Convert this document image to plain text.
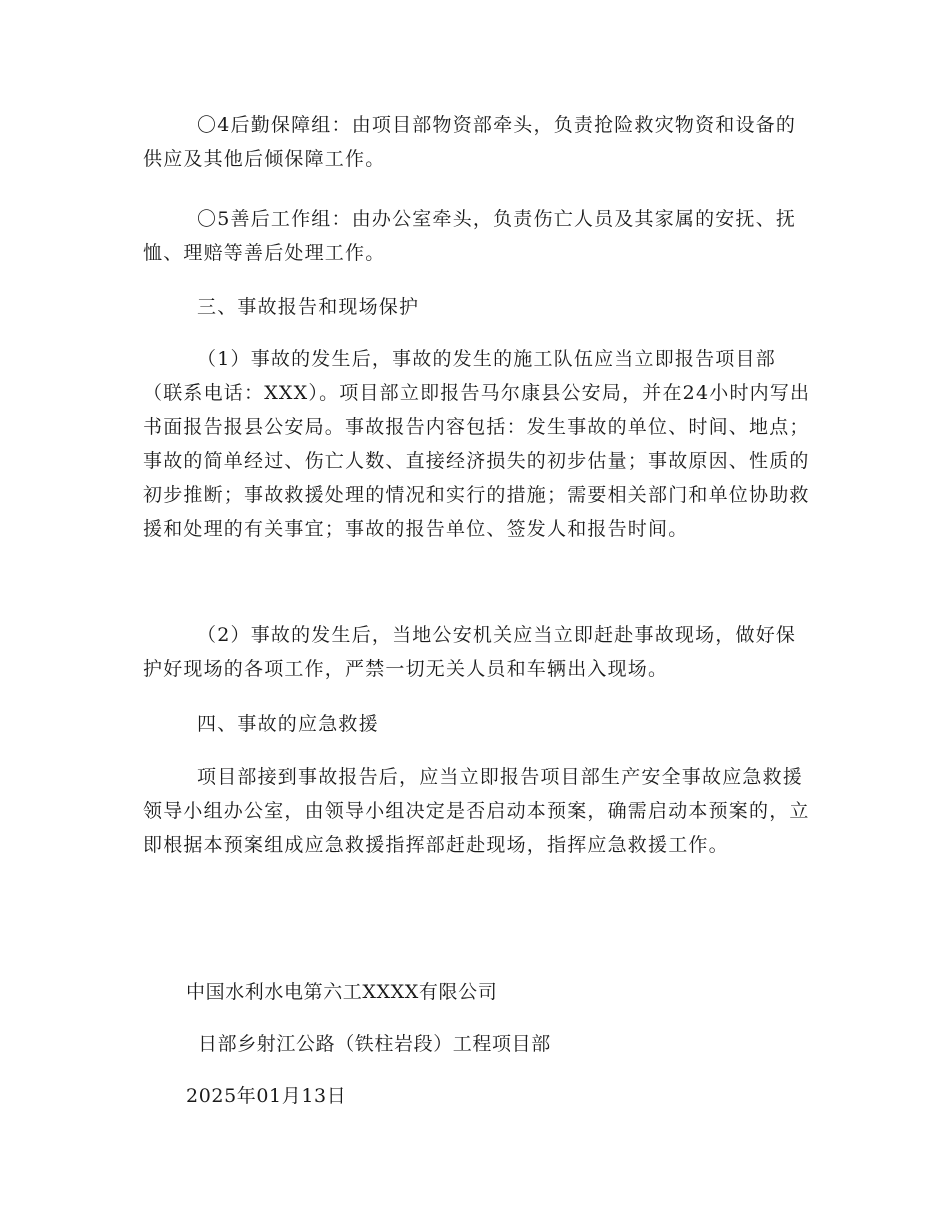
〇4后勤保障组：由项目部物资部牵头，负责抢险救灾物资和设备的供应及其他后倾保障工作。

〇5善后工作组：由办公室牵头，负责伤亡人员及其家属的安抚、抚恤、理赔等善后处理工作。

三、事故报告和现场保护

（1）事故的发生后，事故的发生的施工队伍应当立即报告项目部（联系电话：XXX）。项目部立即报告马尔康县公安局，并在24小时内写出书面报告报县公安局。事故报告内容包括：发生事故的单位、时间、地点；事故的简单经过、伤亡人数、直接经济损失的初步估量；事故原因、性质的初步推断；事故救援处理的情况和实行的措施；需要相关部门和单位协助救援和处理的有关事宜；事故的报告单位、签发人和报告时间。

（2）事故的发生后，当地公安机关应当立即赶赴事故现场，做好保护好现场的各项工作，严禁一切无关人员和车辆出入现场。

四、事故的应急救援

项目部接到事故报告后，应当立即报告项目部生产安全事故应急救援领导小组办公室，由领导小组决定是否启动本预案，确需启动本预案的，立即根据本预案组成应急救援指挥部赶赴现场，指挥应急救援工作。

中国水利水电第六工XXXX有限公司

日部乡射江公路（铁柱岩段）工程项目部

2025年01月13日
